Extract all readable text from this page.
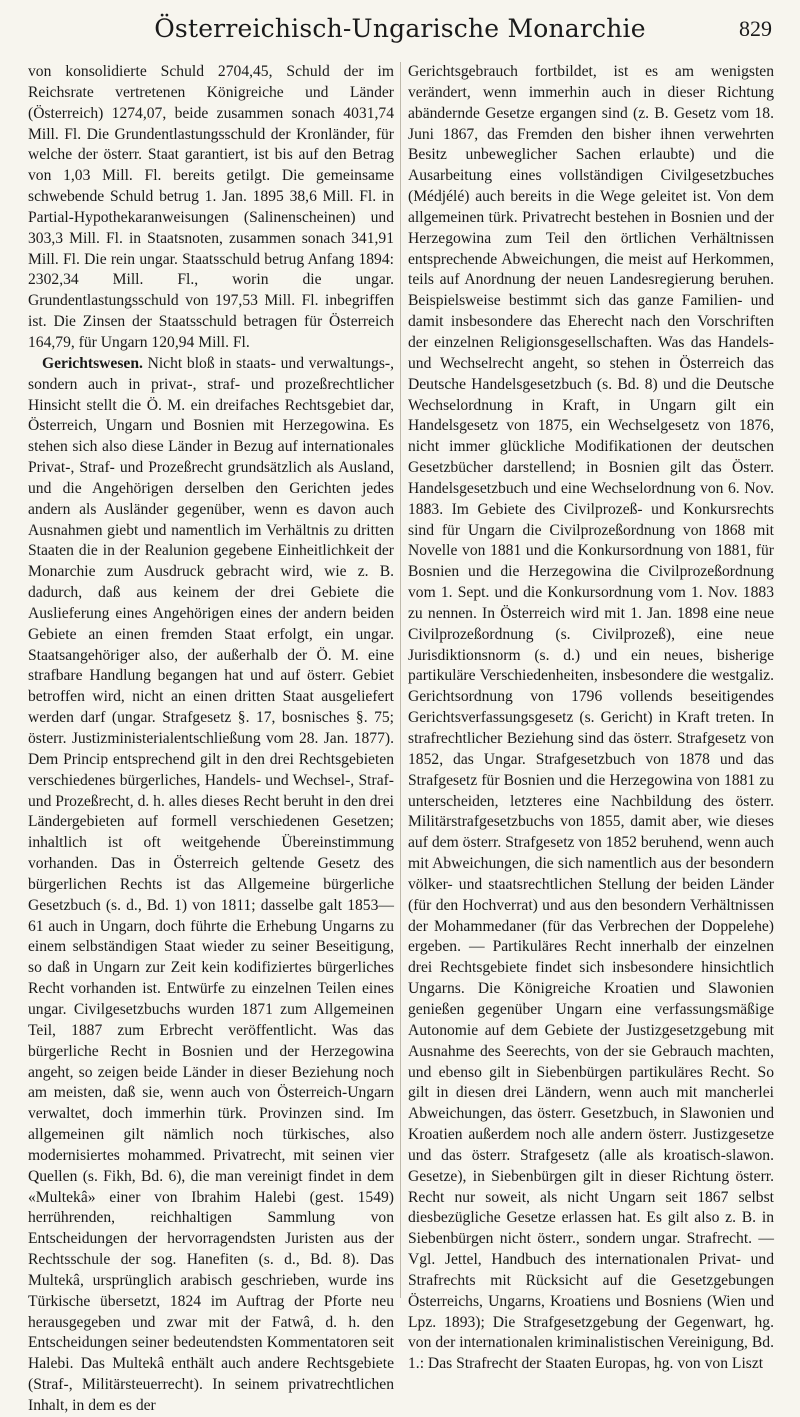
Österreichisch-Ungarische Monarchie	829

von konsolidierte Schuld 2704,45, Schuld der im Reichsrate vertretenen Königreiche und Länder (Österreich) 1274,07, beide zusammen sonach 4031,74 Mill. Fl. Die Grundentlastungsschuld der Kronländer, für welche der österr. Staat garantiert, ist bis auf den Betrag von 1,03 Mill. Fl. bereits getilgt. Die gemeinsame schwebende Schuld betrug 1. Jan. 1895 38,6 Mill. Fl. in Partial-Hypothekaranweisungen (Salinenscheinen) und 303,3 Mill. Fl. in Staatsnoten, zusammen sonach 341,91 Mill. Fl. Die rein ungar. Staatsschuld betrug Anfang 1894: 2302,34 Mill. Fl., worin die ungar. Grundentlastungsschuld von 197,53 Mill. Fl. inbegriffen ist. Die Zinsen der Staatsschuld betragen für Österreich 164,79, für Ungarn 120,94 Mill. Fl.

Gerichtswesen. Nicht bloß in staats- und verwaltungs-, sondern auch in privat-, straf- und prozeßrechtlicher Hinsicht stellt die Ö. M. ein dreifaches Rechtsgebiet dar, Österreich, Ungarn und Bosnien mit Herzegowina. Es stehen sich also diese Länder in Bezug auf internationales Privat-, Straf- und Prozeßrecht grundsätzlich als Ausland, und die Angehörigen derselben den Gerichten jedes andern als Ausländer gegenüber, wenn es davon auch Ausnahmen giebt und namentlich im Verhältnis zu dritten Staaten die in der Realunion gegebene Einheitlichkeit der Monarchie zum Ausdruck gebracht wird, wie z. B. dadurch, daß aus keinem der drei Gebiete die Auslieferung eines Angehörigen eines der andern beiden Gebiete an einen fremden Staat erfolgt, ein ungar. Staatsangehöriger also, der außerhalb der Ö. M. eine strafbare Handlung begangen hat und auf österr. Gebiet betroffen wird, nicht an einen dritten Staat ausgeliefert werden darf (ungar. Strafgesetz §. 17, bosnisches §. 75; österr. Justizministerialentschließung vom 28. Jan. 1877). Dem Princip entsprechend gilt in den drei Rechtsgebieten verschiedenes bürgerliches, Handels- und Wechsel-, Straf- und Prozeßrecht, d. h. alles dieses Recht beruht in den drei Ländergebieten auf formell verschiedenen Gesetzen; inhaltlich ist oft weitgehende Übereinstimmung vorhanden. Das in Österreich geltende Gesetz des bürgerlichen Rechts ist das Allgemeine bürgerliche Gesetzbuch (s. d., Bd. 1) von 1811; dasselbe galt 1853—61 auch in Ungarn, doch führte die Erhebung Ungarns zu einem selbständigen Staat wieder zu seiner Beseitigung, so daß in Ungarn zur Zeit kein kodifiziertes bürgerliches Recht vorhanden ist. Entwürfe zu einzelnen Teilen eines ungar. Civilgesetzbuchs wurden 1871 zum Allgemeinen Teil, 1887 zum Erbrecht veröffentlicht. Was das bürgerliche Recht in Bosnien und der Herzegowina angeht, so zeigen beide Länder in dieser Beziehung noch am meisten, daß sie, wenn auch von Österreich-Ungarn verwaltet, doch immerhin türk. Provinzen sind. Im allgemeinen gilt nämlich noch türkisches, also modernisiertes mohammed. Privatrecht, mit seinen vier Quellen (s. Fikh, Bd. 6), die man vereinigt findet in dem «Multekâ» einer von Ibrahim Halebi (gest. 1549) herrührenden, reichhaltigen Sammlung von Entscheidungen der hervorragendsten Juristen aus der Rechtsschule der sog. Hanefiten (s. d., Bd. 8). Das Multekâ, ursprünglich arabisch geschrieben, wurde ins Türkische übersetzt, 1824 im Auftrag der Pforte neu herausgegeben und zwar mit der Fatwâ, d. h. den Entscheidungen seiner bedeutendsten Kommentatoren seit Halebi. Das Multekâ enthält auch andere Rechtsgebiete (Straf-, Militärsteuerrecht). In seinem privatrechtlichen Inhalt, in dem es der

Gerichtsgebrauch fortbildet, ist es am wenigsten verändert, wenn immerhin auch in dieser Richtung abändernde Gesetze ergangen sind (z. B. Gesetz vom 18. Juni 1867, das Fremden den bisher ihnen verwehrten Besitz unbeweglicher Sachen erlaubte) und die Ausarbeitung eines vollständigen Civilgesetzbuches (Médjélé) auch bereits in die Wege geleitet ist. Von dem allgemeinen türk. Privatrecht bestehen in Bosnien und der Herzegowina zum Teil den örtlichen Verhältnissen entsprechende Abweichungen, die meist auf Herkommen, teils auf Anordnung der neuen Landesregierung beruhen. Beispielsweise bestimmt sich das ganze Familien- und damit insbesondere das Eherecht nach den Vorschriften der einzelnen Religionsgesellschaften. Was das Handels- und Wechselrecht angeht, so stehen in Österreich das Deutsche Handelsgesetzbuch (s. Bd. 8) und die Deutsche Wechselordnung in Kraft, in Ungarn gilt ein Handelsgesetz von 1875, ein Wechselgesetz von 1876, nicht immer glückliche Modifikationen der deutschen Gesetzbücher darstellend; in Bosnien gilt das Österr. Handelsgesetzbuch und eine Wechselordnung von 6. Nov. 1883. Im Gebiete des Civilprozeß- und Konkursrechts sind für Ungarn die Civilprozeßordnung von 1868 mit Novelle von 1881 und die Konkursordnung von 1881, für Bosnien und die Herzegowina die Civilprozeßordnung vom 1. Sept. und die Konkursordnung vom 1. Nov. 1883 zu nennen. In Österreich wird mit 1. Jan. 1898 eine neue Civilprozeßordnung (s. Civilprozeß), eine neue Jurisdiktionsnorm (s. d.) und ein neues, bisherige partikuläre Verschiedenheiten, insbesondere die westgaliz. Gerichtsordnung von 1796 vollends beseitigendes Gerichtsverfassungsgesetz (s. Gericht) in Kraft treten. In strafrechtlicher Beziehung sind das österr. Strafgesetz von 1852, das Ungar. Strafgesetzbuch von 1878 und das Strafgesetz für Bosnien und die Herzegowina von 1881 zu unterscheiden, letzteres eine Nachbildung des österr. Militärstrafgesetzbuchs von 1855, damit aber, wie dieses auf dem österr. Strafgesetz von 1852 beruhend, wenn auch mit Abweichungen, die sich namentlich aus der besondern völker- und staatsrechtlichen Stellung der beiden Länder (für den Hochverrat) und aus den besondern Verhältnissen der Mohammedaner (für das Verbrechen der Doppelehe) ergeben. — Partikuläres Recht innerhalb der einzelnen drei Rechtsgebiete findet sich insbesondere hinsichtlich Ungarns. Die Königreiche Kroatien und Slawonien genießen gegenüber Ungarn eine verfassungsmäßige Autonomie auf dem Gebiete der Justizgesetzgebung mit Ausnahme des Seerechts, von der sie Gebrauch machten, und ebenso gilt in Siebenbürgen partikuläres Recht. So gilt in diesen drei Ländern, wenn auch mit mancherlei Abweichungen, das österr. Gesetzbuch, in Slawonien und Kroatien außerdem noch alle andern österr. Justizgesetze und das österr. Strafgesetz (alle als kroatisch-slawon. Gesetze), in Siebenbürgen gilt in dieser Richtung österr. Recht nur soweit, als nicht Ungarn seit 1867 selbst diesbezügliche Gesetze erlassen hat. Es gilt also z. B. in Siebenbürgen nicht österr., sondern ungar. Strafrecht. — Vgl. Jettel, Handbuch des internationalen Privat- und Strafrechts mit Rücksicht auf die Gesetzgebungen Österreichs, Ungarns, Kroatiens und Bosniens (Wien und Lpz. 1893); Die Strafgesetzgebung der Gegenwart, hg. von der internationalen kriminalistischen Vereinigung, Bd. 1.: Das Strafrecht der Staaten Europas, hg. von von Liszt
